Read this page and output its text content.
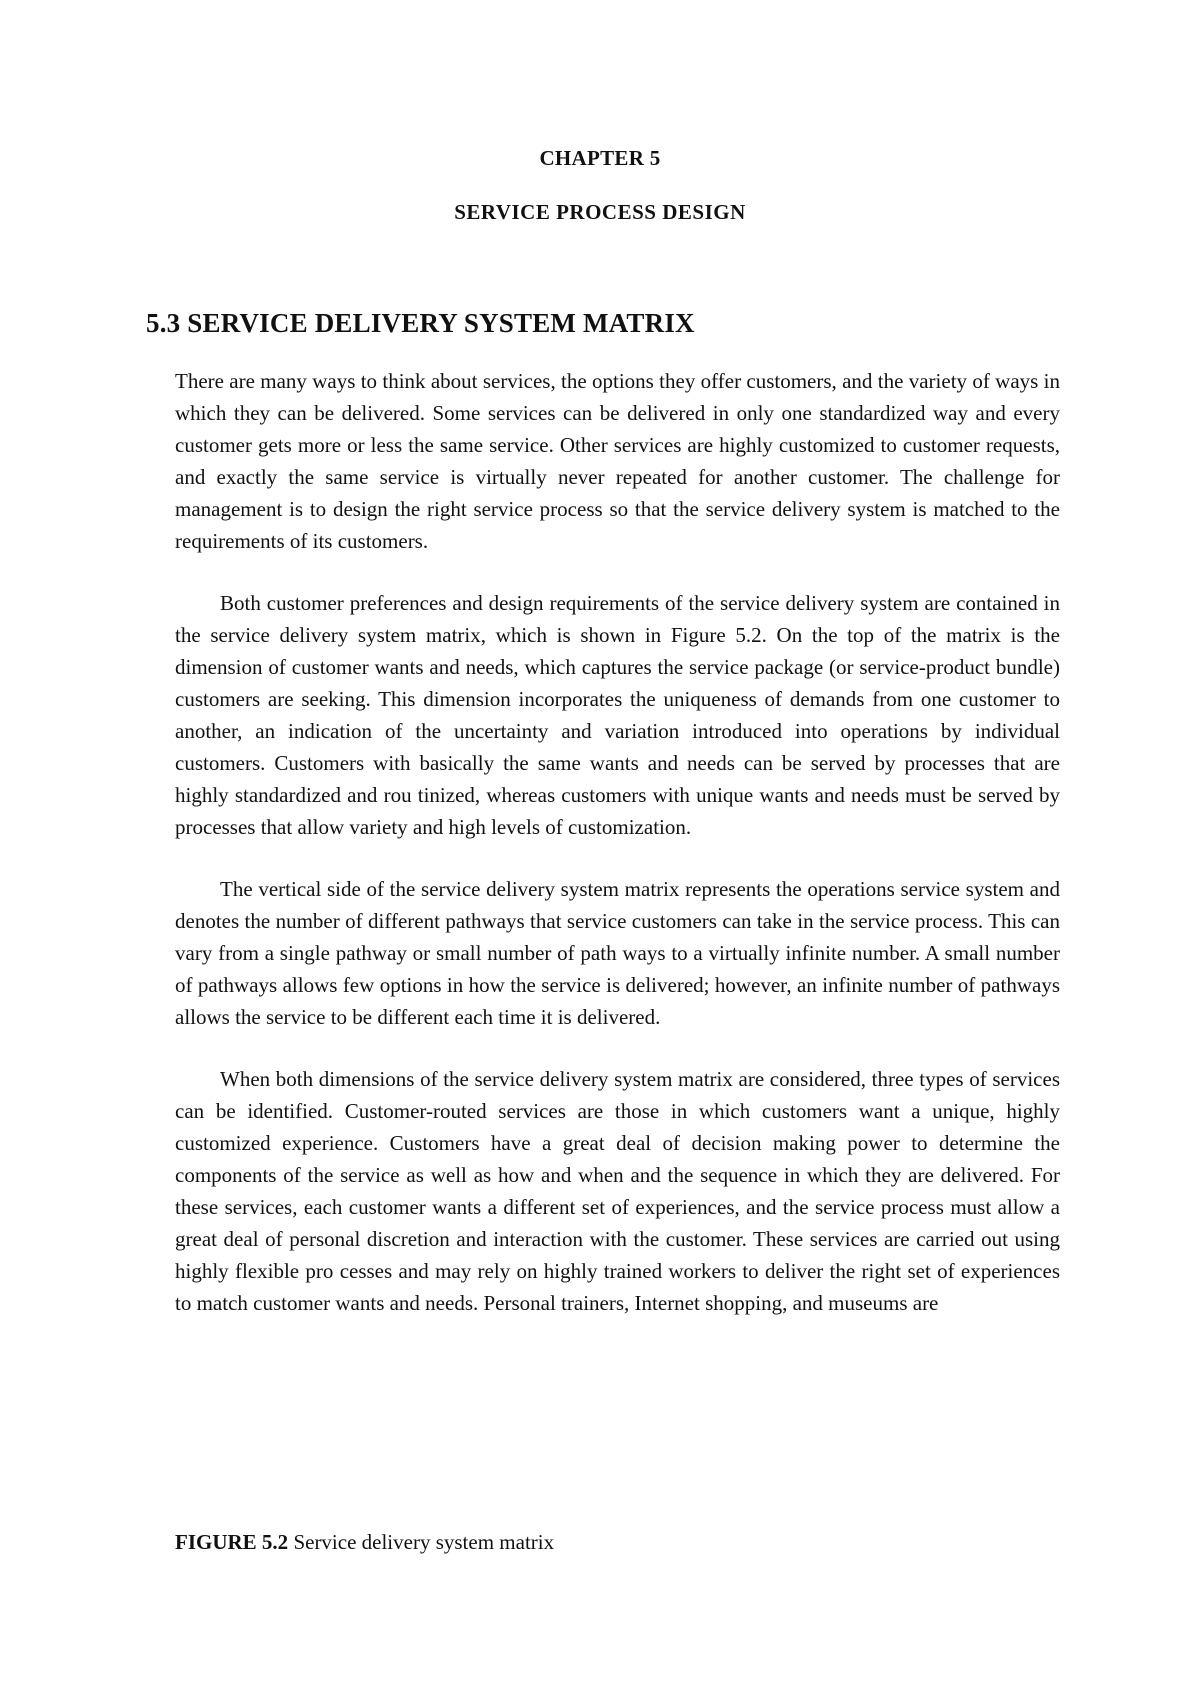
CHAPTER 5
SERVICE PROCESS DESIGN
5.3 SERVICE DELIVERY SYSTEM MATRIX

There are many ways to think about services, the options they offer customers, and the variety of ways in which they can be delivered. Some services can be delivered in only one standardized way and every customer gets more or less the same service. Other services are highly customized to customer requests, and exactly the same service is virtually never repeated for another customer. The challenge for management is to design the right service process so that the service delivery system is matched to the requirements of its customers.

Both customer preferences and design requirements of the service delivery system are contained in the service delivery system matrix, which is shown in Figure 5.2. On the top of the matrix is the dimension of customer wants and needs, which captures the service package (or service-product bundle) customers are seeking. This dimension incorporates the uniqueness of demands from one customer to another, an indication of the uncertainty and variation introduced into operations by individual customers. Customers with basically the same wants and needs can be served by processes that are highly standardized and rou tinized, whereas customers with unique wants and needs must be served by processes that allow variety and high levels of customization.

The vertical side of the service delivery system matrix represents the operations service system and denotes the number of different pathways that service customers can take in the service process. This can vary from a single pathway or small number of path ways to a virtually infinite number. A small number of pathways allows few options in how the service is delivered; however, an infinite number of pathways allows the service to be different each time it is delivered.

When both dimensions of the service delivery system matrix are considered, three types of services can be identified. Customer-routed services are those in which customers want a unique, highly customized experience. Customers have a great deal of decision making power to determine the components of the service as well as how and when and the sequence in which they are delivered. For these services, each customer wants a different set of experiences, and the service process must allow a great deal of personal discretion and interaction with the customer. These services are carried out using highly flexible pro cesses and may rely on highly trained workers to deliver the right set of experiences to match customer wants and needs. Personal trainers, Internet shopping, and museums are

FIGURE 5.2 Service delivery system matrix
